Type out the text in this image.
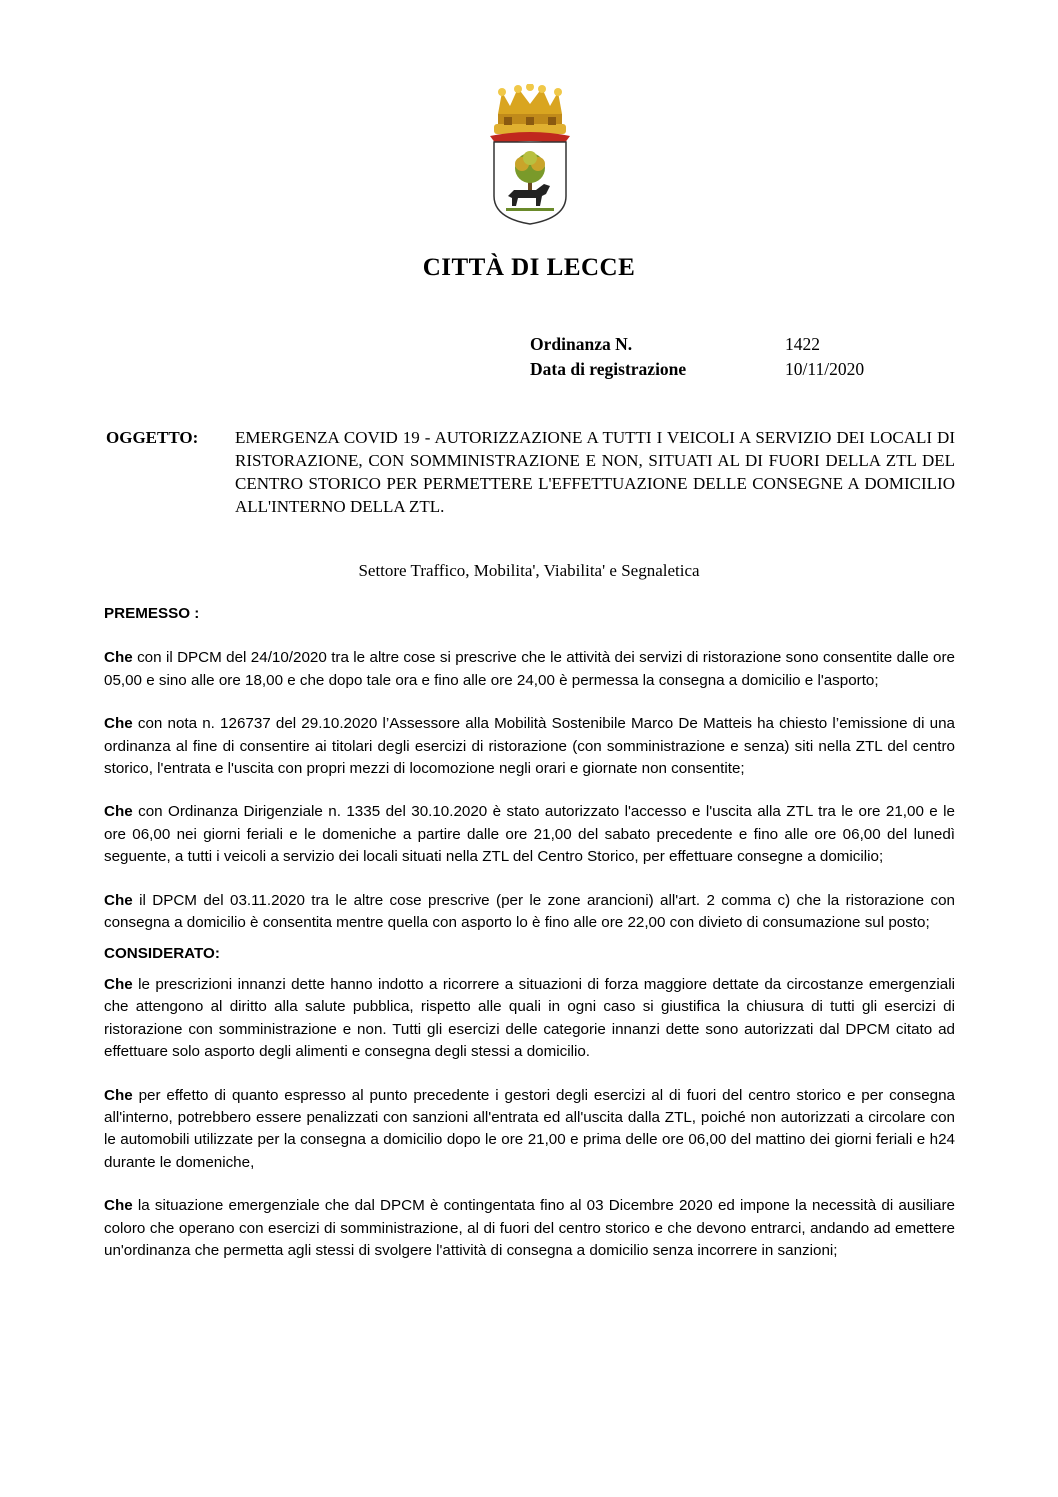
CITTÀ DI LECCE
Ordinanza N.	1422
Data di registrazione	10/11/2020
OGGETTO:	EMERGENZA COVID 19 - AUTORIZZAZIONE A TUTTI I VEICOLI A SERVIZIO DEI LOCALI DI RISTORAZIONE, CON SOMMINISTRAZIONE E NON, SITUATI AL DI FUORI DELLA ZTL DEL CENTRO STORICO PER PERMETTERE L'EFFETTUAZIONE DELLE CONSEGNE A DOMICILIO ALL'INTERNO DELLA ZTL.
Settore Traffico, Mobilita', Viabilita' e Segnaletica
PREMESSO :

Che con il DPCM del 24/10/2020 tra le altre cose si prescrive che le attività dei servizi di ristorazione sono consentite dalle ore 05,00 e sino alle ore 18,00 e che dopo tale ora e fino alle ore 24,00 è permessa la consegna a domicilio e l'asporto;

Che con nota n. 126737 del 29.10.2020 l’Assessore alla Mobilità Sostenibile Marco De Matteis ha chiesto l’emissione di una ordinanza al fine di consentire ai titolari degli esercizi di ristorazione (con somministrazione e senza) siti nella ZTL del centro storico, l'entrata e l'uscita con propri mezzi di locomozione negli orari e giornate non consentite;

Che con Ordinanza Dirigenziale n. 1335 del 30.10.2020 è stato autorizzato l'accesso e l'uscita alla ZTL tra le ore 21,00 e le ore 06,00 nei giorni feriali e le domeniche a partire dalle ore 21,00 del sabato precedente e fino alle ore 06,00 del lunedì seguente, a tutti i veicoli a servizio dei locali situati nella ZTL del Centro Storico, per effettuare consegne a domicilio;

Che il DPCM del 03.11.2020 tra le altre cose prescrive (per le zone arancioni) all'art. 2 comma c) che la ristorazione con consegna a domicilio è consentita mentre quella con asporto lo è fino alle ore 22,00 con divieto di consumazione sul posto;

CONSIDERATO:

Che le prescrizioni innanzi dette hanno indotto a ricorrere a situazioni di forza maggiore dettate da circostanze emergenziali che attengono al diritto alla salute pubblica, rispetto alle quali in ogni caso si giustifica la chiusura di tutti gli esercizi di ristorazione con somministrazione e non. Tutti gli esercizi delle categorie innanzi dette sono autorizzati dal DPCM citato ad effettuare solo asporto degli alimenti e consegna degli stessi a domicilio.

Che per effetto di quanto espresso al punto precedente i gestori degli esercizi al di fuori del centro storico e per consegna all'interno, potrebbero essere penalizzati con sanzioni all'entrata ed all'uscita dalla ZTL, poiché non autorizzati a circolare con le automobili utilizzate per la consegna a domicilio dopo le ore 21,00 e prima delle ore 06,00 del mattino dei giorni feriali e h24 durante le domeniche,

Che la situazione emergenziale che dal DPCM è contingentata fino al 03 Dicembre 2020 ed impone la necessità di ausiliare coloro che operano con esercizi di somministrazione, al di fuori del centro storico e che devono entrarci, andando ad emettere un'ordinanza che permetta agli stessi di svolgere l'attività di consegna a domicilio senza incorrere in sanzioni;
